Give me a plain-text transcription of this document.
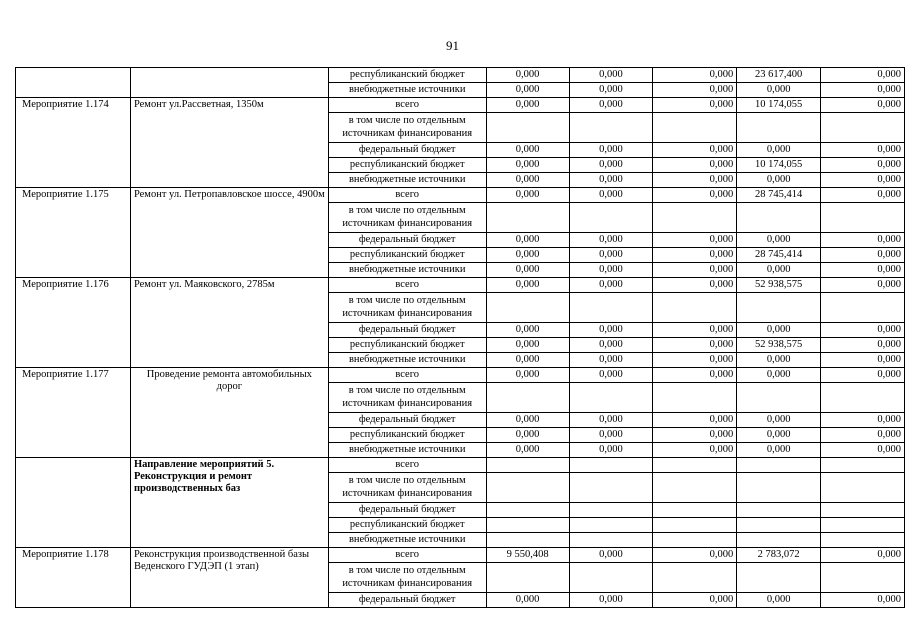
91
		республиканский бюджет	0,000	0,000	0,000	23 617,400	0,000
		внебюджетные источники	0,000	0,000	0,000	0,000	0,000
Мероприятие 1.174	Ремонт ул.Рассветная, 1350м	всего	0,000	0,000	0,000	10 174,055	0,000
		в том числе по отдельным источникам финансирования					
		федеральный бюджет	0,000	0,000	0,000	0,000	0,000
		республиканский бюджет	0,000	0,000	0,000	10 174,055	0,000
		внебюджетные источники	0,000	0,000	0,000	0,000	0,000
Мероприятие 1.175	Ремонт ул. Петропавловское шоссе, 4900м	всего	0,000	0,000	0,000	28 745,414	0,000
		в том числе по отдельным источникам финансирования					
		федеральный бюджет	0,000	0,000	0,000	0,000	0,000
		республиканский бюджет	0,000	0,000	0,000	28 745,414	0,000
		внебюджетные источники	0,000	0,000	0,000	0,000	0,000
Мероприятие 1.176	Ремонт ул. Маяковского, 2785м	всего	0,000	0,000	0,000	52 938,575	0,000
		в том числе по отдельным источникам финансирования					
		федеральный бюджет	0,000	0,000	0,000	0,000	0,000
		республиканский бюджет	0,000	0,000	0,000	52 938,575	0,000
		внебюджетные источники	0,000	0,000	0,000	0,000	0,000
Мероприятие 1.177	Проведение ремонта автомобильных дорог	всего	0,000	0,000	0,000	0,000	0,000
		в том числе по отдельным источникам финансирования					
		федеральный бюджет	0,000	0,000	0,000	0,000	0,000
		республиканский бюджет	0,000	0,000	0,000	0,000	0,000
		внебюджетные источники	0,000	0,000	0,000	0,000	0,000
	Направление мероприятий 5. Реконструкция и ремонт производственных баз	всего					
		в том числе по отдельным источникам финансирования					
		федеральный бюджет					
		республиканский бюджет					
		внебюджетные источники					
Мероприятие 1.178	Реконструкция производственной базы Веденского ГУДЭП (1 этап)	всего	9 550,408	0,000	0,000	2 783,072	0,000
		в том числе по отдельным источникам финансирования					
		федеральный бюджет	0,000	0,000	0,000	0,000	0,000
